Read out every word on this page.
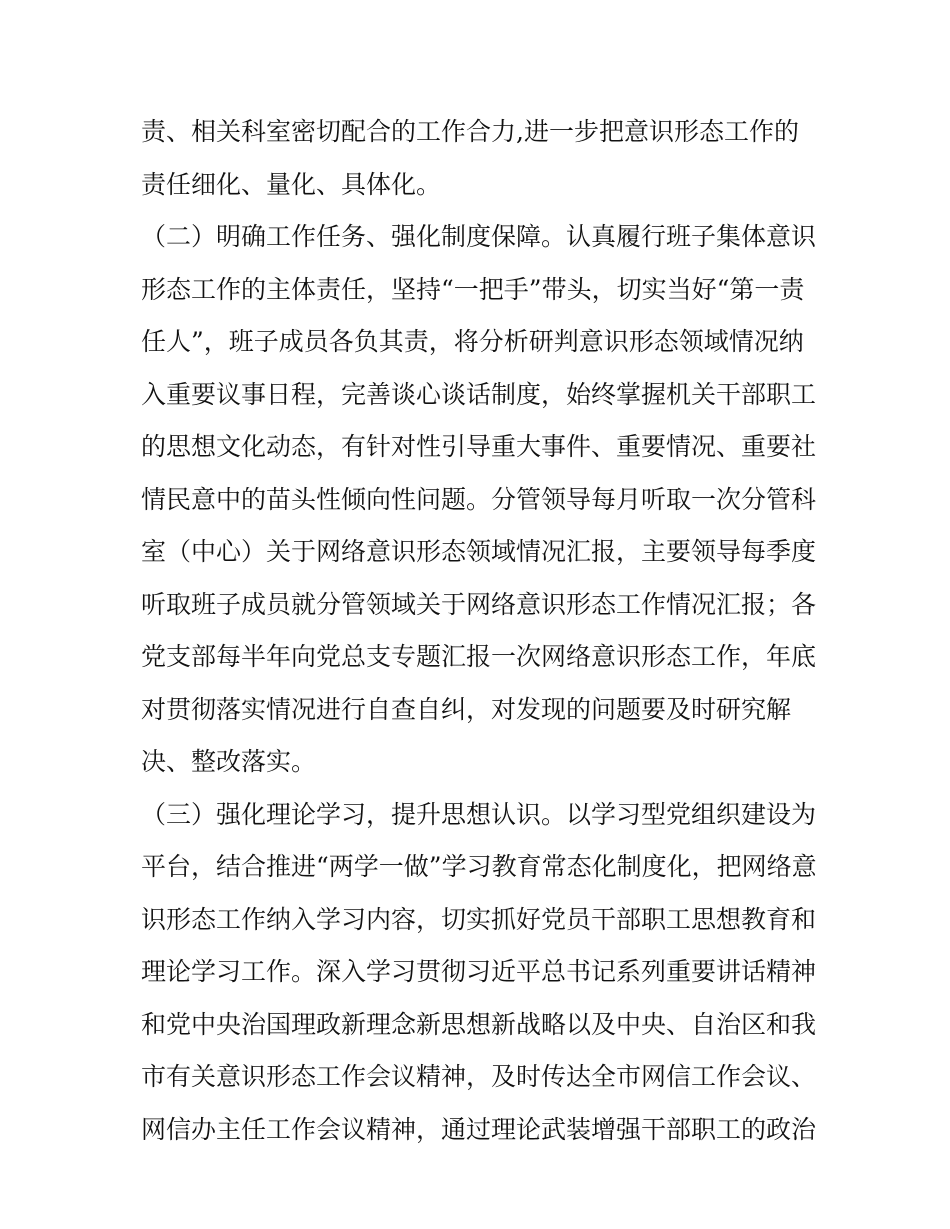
责、相关科室密切配合的工作合力,进一步把意识形态工作的
责任细化、量化、具体化。
（二）明确工作任务、强化制度保障。认真履行班子集体意识
形态工作的主体责任，坚持“一把手”带头，切实当好“第一责
任人”，班子成员各负其责，将分析研判意识形态领域情况纳
入重要议事日程，完善谈心谈话制度，始终掌握机关干部职工
的思想文化动态，有针对性引导重大事件、重要情况、重要社
情民意中的苗头性倾向性问题。分管领导每月听取一次分管科
室（中心）关于网络意识形态领域情况汇报，主要领导每季度
听取班子成员就分管领域关于网络意识形态工作情况汇报；各
党支部每半年向党总支专题汇报一次网络意识形态工作，年底
对贯彻落实情况进行自查自纠，对发现的问题要及时研究解
决、整改落实。
（三）强化理论学习，提升思想认识。以学习型党组织建设为
平台，结合推进“两学一做”学习教育常态化制度化，把网络意
识形态工作纳入学习内容，切实抓好党员干部职工思想教育和
理论学习工作。深入学习贯彻习近平总书记系列重要讲话精神
和党中央治国理政新理念新思想新战略以及中央、自治区和我
市有关意识形态工作会议精神，及时传达全市网信工作会议、
网信办主任工作会议精神，通过理论武装增强干部职工的政治
